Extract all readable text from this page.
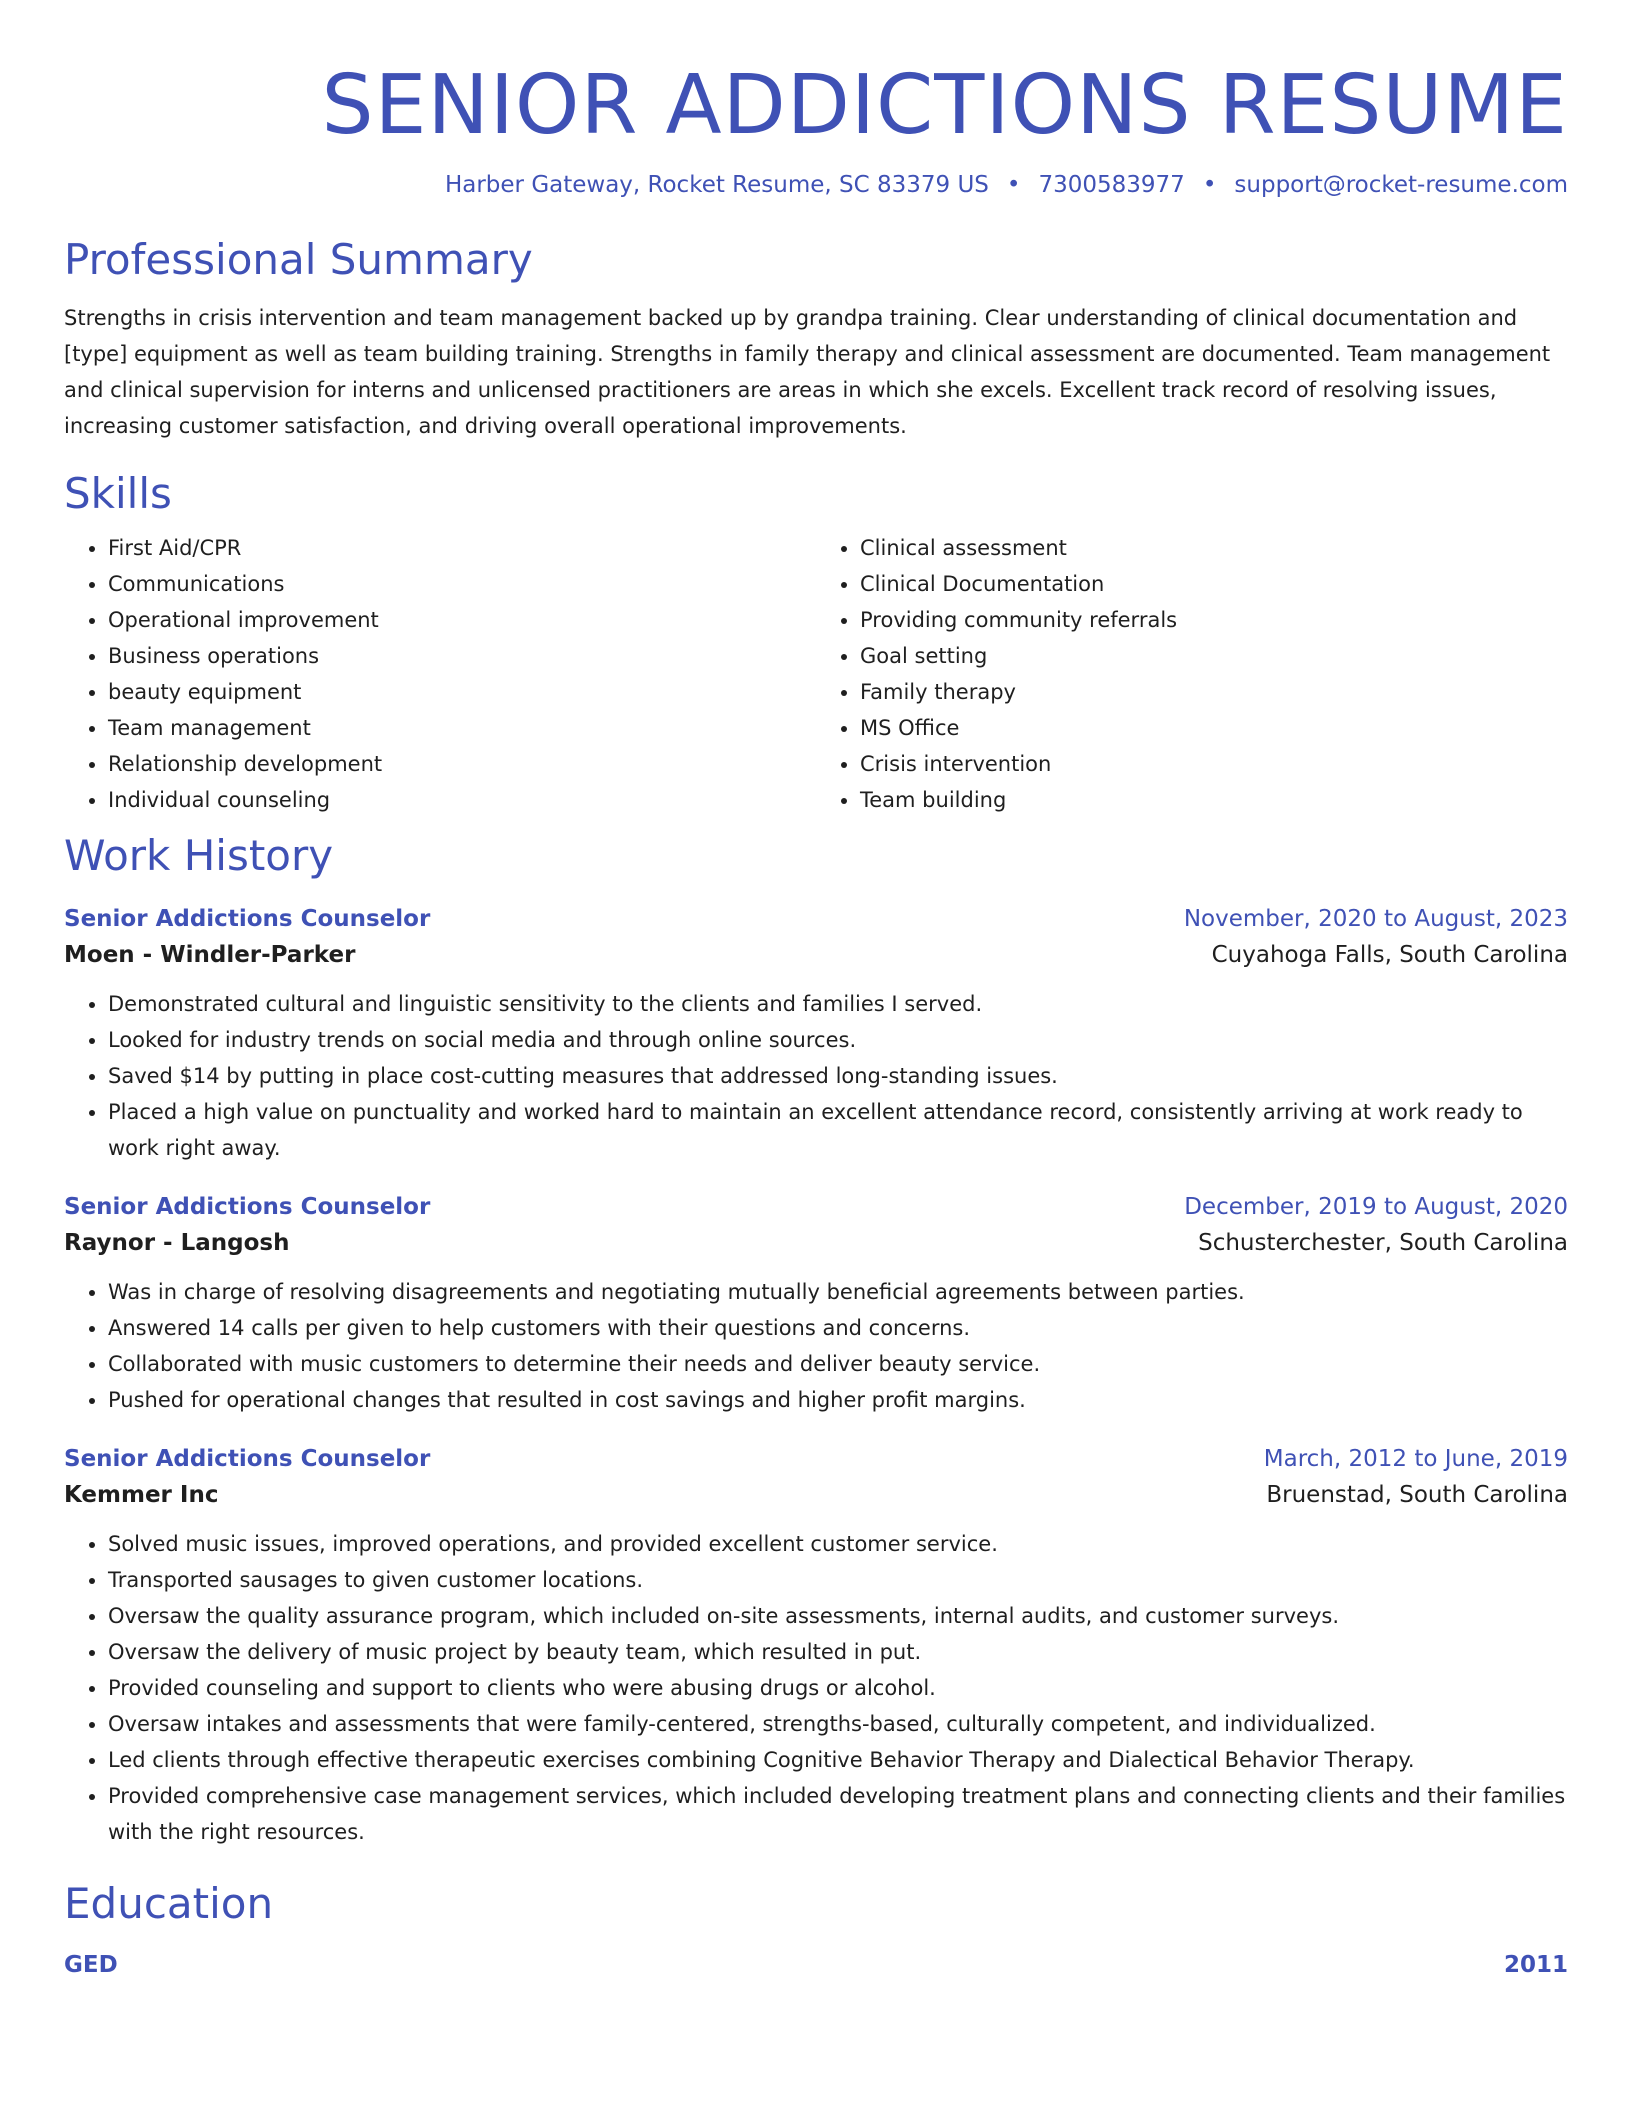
SENIOR ADDICTIONS RESUME
Harber Gateway, Rocket Resume, SC 83379 US • 7300583977 • support@rocket-resume.com
Professional Summary

Strengths in crisis intervention and team management backed up by grandpa training. Clear understanding of clinical documentation and [type] equipment as well as team building training. Strengths in family therapy and clinical assessment are documented. Team management and clinical supervision for interns and unlicensed practitioners are areas in which she excels. Excellent track record of resolving issues, increasing customer satisfaction, and driving overall operational improvements.

Skills
• First Aid/CPR
• Communications
• Operational improvement
• Business operations
• beauty equipment
• Team management
• Relationship development
• Individual counseling
• Clinical assessment
• Clinical Documentation
• Providing community referrals
• Goal setting
• Family therapy
• MS Office
• Crisis intervention
• Team building
Work History
Senior Addictions Counselor	November, 2020 to August, 2023
Moen - Windler-Parker	Cuyahoga Falls, South Carolina
• Demonstrated cultural and linguistic sensitivity to the clients and families I served.
• Looked for industry trends on social media and through online sources.
• Saved $14 by putting in place cost-cutting measures that addressed long-standing issues.
• Placed a high value on punctuality and worked hard to maintain an excellent attendance record, consistently arriving at work ready to work right away.
Senior Addictions Counselor	December, 2019 to August, 2020
Raynor - Langosh	Schusterchester, South Carolina
• Was in charge of resolving disagreements and negotiating mutually beneficial agreements between parties.
• Answered 14 calls per given to help customers with their questions and concerns.
• Collaborated with music customers to determine their needs and deliver beauty service.
• Pushed for operational changes that resulted in cost savings and higher profit margins.
Senior Addictions Counselor	March, 2012 to June, 2019
Kemmer Inc	Bruenstad, South Carolina
• Solved music issues, improved operations, and provided excellent customer service.
• Transported sausages to given customer locations.
• Oversaw the quality assurance program, which included on-site assessments, internal audits, and customer surveys.
• Oversaw the delivery of music project by beauty team, which resulted in put.
• Provided counseling and support to clients who were abusing drugs or alcohol.
• Oversaw intakes and assessments that were family-centered, strengths-based, culturally competent, and individualized.
• Led clients through effective therapeutic exercises combining Cognitive Behavior Therapy and Dialectical Behavior Therapy.
• Provided comprehensive case management services, which included developing treatment plans and connecting clients and their families with the right resources.
Education
GED	2011
